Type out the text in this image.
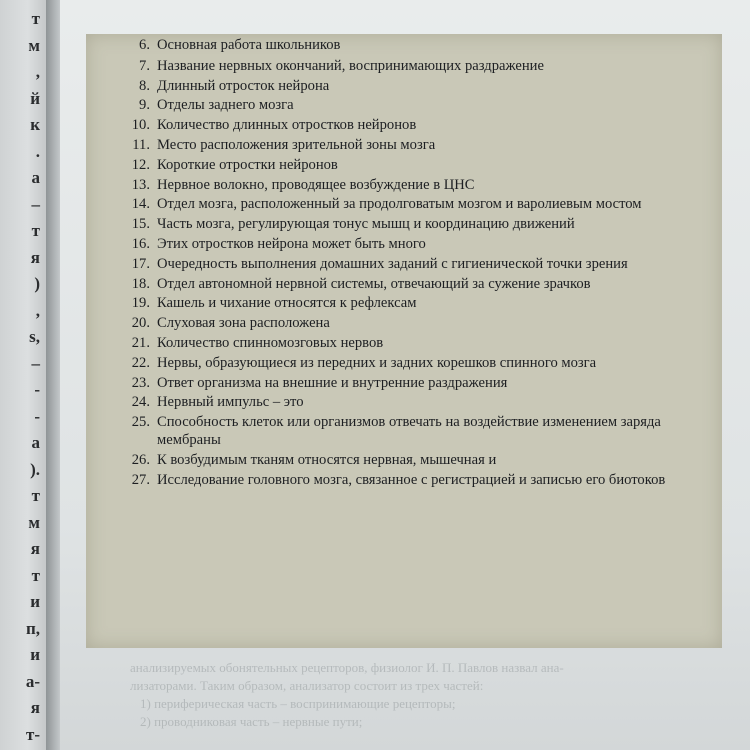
т
м
,
й
к
.
а
–
т
я
)
,
s,
–
-
-
а
).
т
м
я
т
и
п,
и
а-
я
т-
анализируемых обонятельных рецепторов, физиолог И. П. Павлов назвал ана-
лизаторами. Таким образом, анализатор состоит из трех частей:
1) периферическая часть – воспринимающие рецепторы;
2) проводниковая часть – нервные пути;
6. Основная работа школьников
7. Название нервных окончаний, воспринимающих раздражение
8. Длинный отросток нейрона
9. Отделы заднего мозга
10. Количество длинных отростков нейронов
11. Место расположения зрительной зоны мозга
12. Короткие отростки нейронов
13. Нервное волокно, проводящее возбуждение в ЦНС
14. Отдел мозга, расположенный за продолговатым мозгом и варолиевым мостом
15. Часть мозга, регулирующая тонус мышц и координацию движений
16. Этих отростков нейрона может быть много
17. Очередность выполнения домашних заданий с гигиенической точки зрения
18. Отдел автономной нервной системы, отвечающий за сужение зрачков
19. Кашель и чихание относятся к рефлексам
20. Слуховая зона расположена
21. Количество спинномозговых нервов
22. Нервы, образующиеся из передних и задних корешков спинного мозга
23. Ответ организма на внешние и внутренние раздражения
24. Нервный импульс – это
25. Способность клеток или организмов отвечать на воздействие изменением заряда мембраны
26. К возбудимым тканям относятся нервная, мышечная и
27. Исследование головного мозга, связанное с регистрацией и записью его биотоков
